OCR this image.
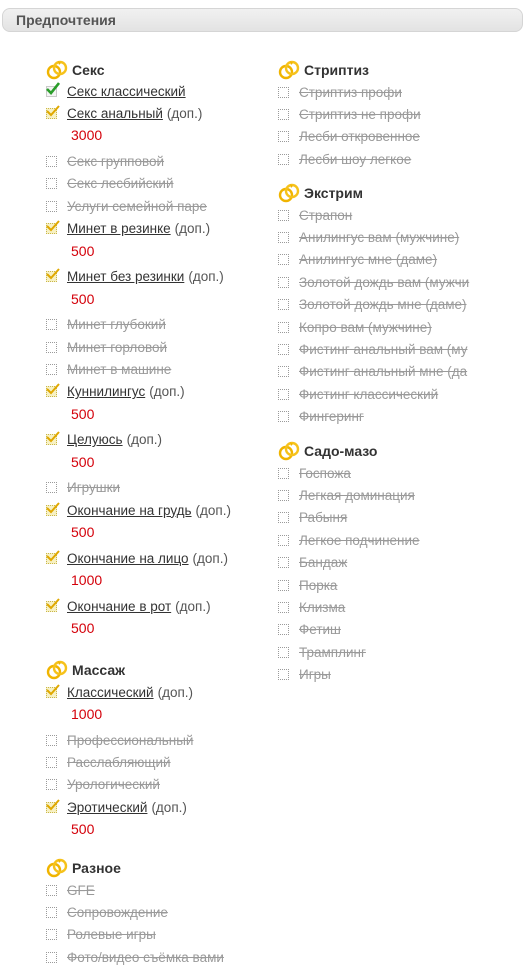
Предпочтения
Секс
Секс классический
Секс анальный (доп.)
3000
Секс групповой
Секс лесбийский
Услуги семейной паре
Минет в резинке (доп.)
500
Минет без резинки (доп.)
500
Минет глубокий
Минет горловой
Минет в машине
Куннилингус (доп.)
500
Целуюсь (доп.)
500
Игрушки
Окончание на грудь (доп.)
500
Окончание на лицо (доп.)
1000
Окончание в рот (доп.)
500
Массаж
Классический (доп.)
1000
Профессиональный
Расслабляющий
Урологический
Эротический (доп.)
500
Разное
GFE
Сопровождение
Ролевые игры
Фото/видео съёмка вами
Стриптиз
Стриптиз профи
Стриптиз не профи
Лесби откровенное
Лесби шоу легкое
Экстрим
Страпон
Анилингус вам (мужчине)
Анилингус мне (даме)
Золотой дождь вам (мужчи
Золотой дождь мне (даме)
Копро вам (мужчине)
Фистинг анальный вам (му
Фистинг анальный мне (да
Фистинг классический
Фингеринг
Садо-мазо
Госпожа
Легкая доминация
Рабыня
Легкое подчинение
Бандаж
Порка
Клизма
Фетиш
Трамплинг
Игры
